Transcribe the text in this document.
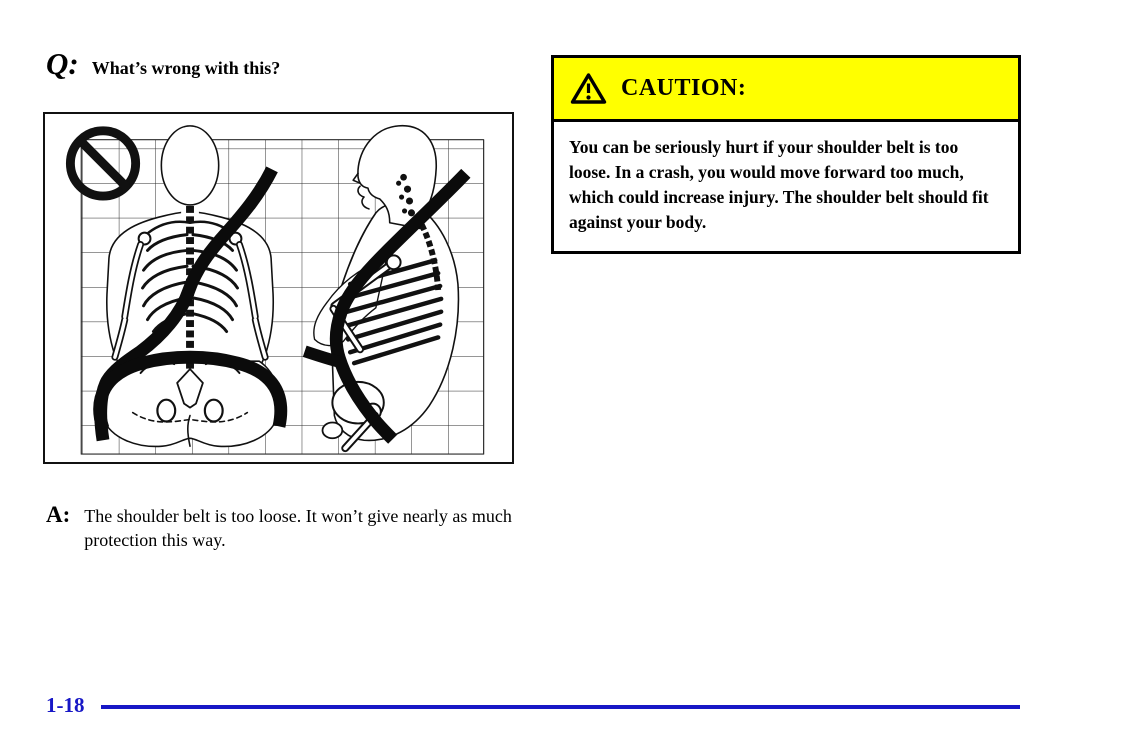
Q: What’s wrong with this?
CAUTION:
You can be seriously hurt if your shoulder belt is too loose. In a crash, you would move forward too much, which could increase injury. The shoulder belt should fit against your body.
A: The shoulder belt is too loose. It won’t give nearly as much protection this way.
1-18
